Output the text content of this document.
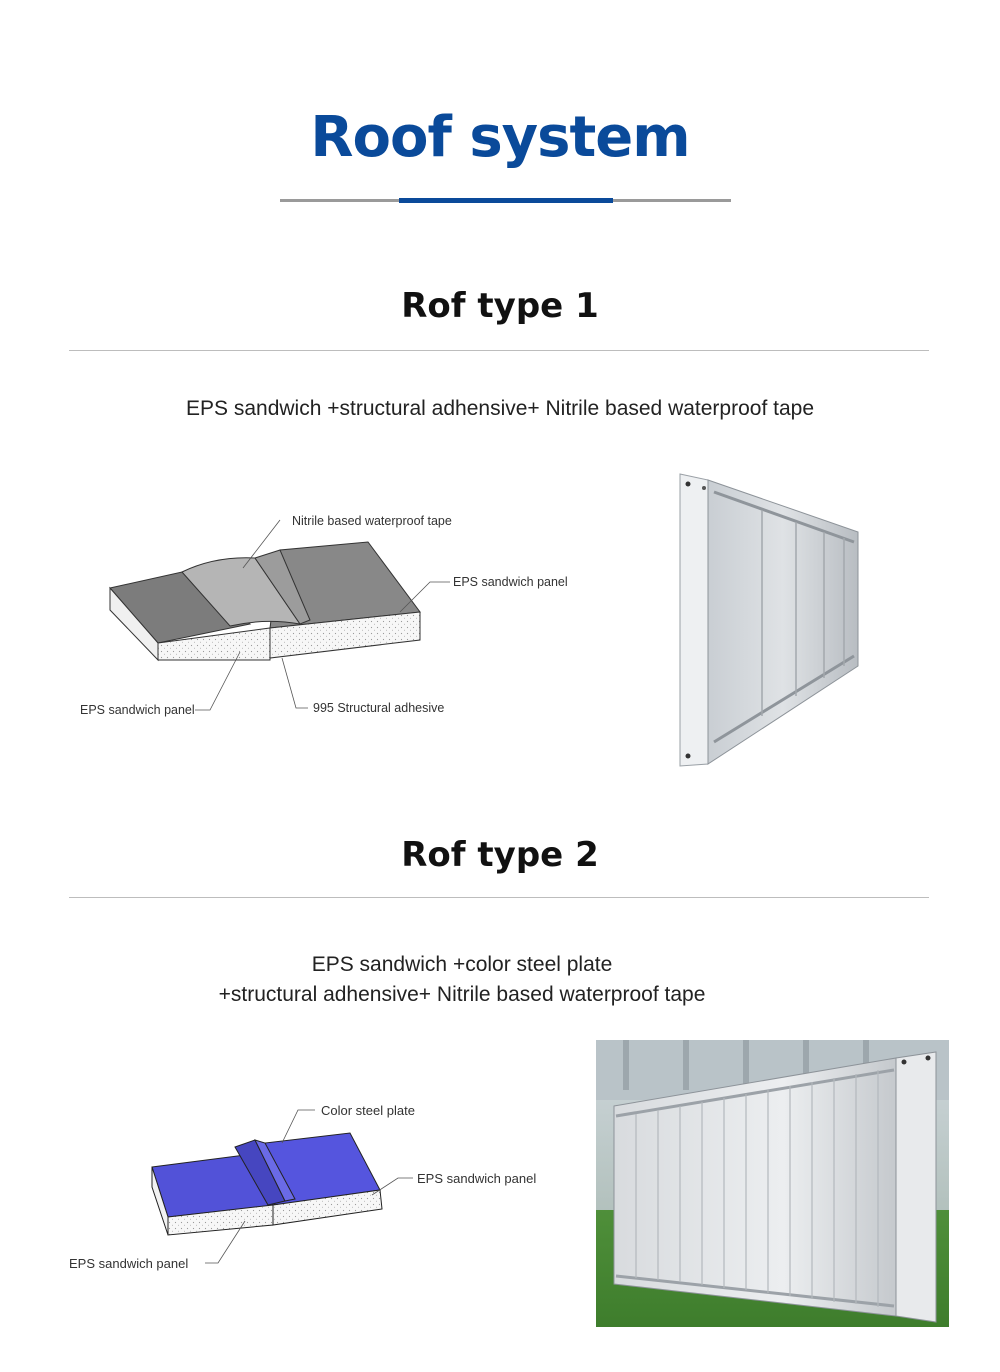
Roof system
Rof type 1
EPS sandwich +structural adhensive+ Nitrile based waterproof tape
Nitrile based waterproof tape
EPS sandwich panel
EPS sandwich panel	995 Structural adhesive
Rof type 2
EPS sandwich +color steel plate
+structural adhensive+ Nitrile based waterproof tape
Color steel plate
EPS sandwich panel
EPS sandwich panel
